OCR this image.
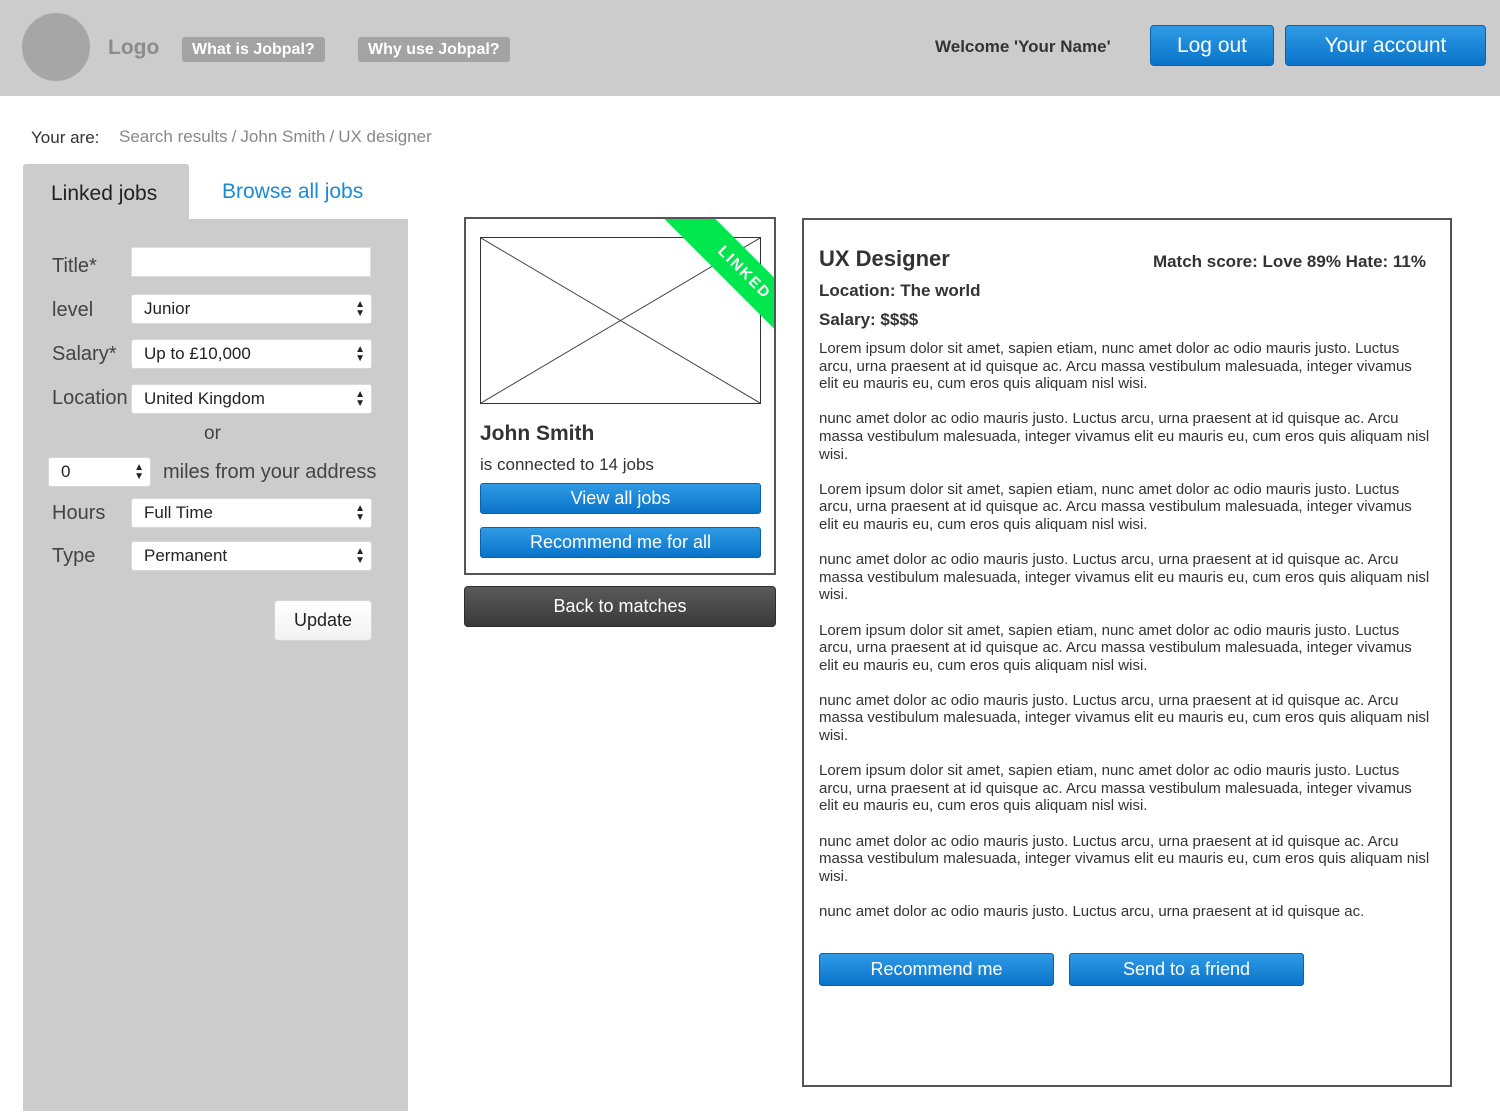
Logo	What is Jobpal?	Why use Jobpal?	Welcome 'Your Name'	Log out	Your account
Your are: Search results / John Smith / UX designer
Linked jobs	Browse all jobs
Title*
level	Junior	▲
▼
Salary*	Up to £10,000	▲
▼
Location United Kingdom	▲
▼
or
0	▲
▼ miles from your address
Hours	Full Time	▲
▼
Type	Permanent	▲
▼
Update
LINKED
John Smith
is connected to 14 jobs
View all jobs
Recommend me for all
Back to matches
UX Designer	Match score: Love 89% Hate: 11%
Location: The world
Salary: $$$$

Lorem ipsum dolor sit amet, sapien etiam, nunc amet dolor ac odio mauris justo. Luctus arcu, urna praesent at id quisque ac. Arcu massa vestibulum malesuada, integer vivamus elit eu mauris eu, cum eros quis aliquam nisl wisi.

nunc amet dolor ac odio mauris justo. Luctus arcu, urna praesent at id quisque ac. Arcu massa vestibulum malesuada, integer vivamus elit eu mauris eu, cum eros quis aliquam nisl wisi.

Lorem ipsum dolor sit amet, sapien etiam, nunc amet dolor ac odio mauris justo. Luctus arcu, urna praesent at id quisque ac. Arcu massa vestibulum malesuada, integer vivamus elit eu mauris eu, cum eros quis aliquam nisl wisi.

nunc amet dolor ac odio mauris justo. Luctus arcu, urna praesent at id quisque ac. Arcu massa vestibulum malesuada, integer vivamus elit eu mauris eu, cum eros quis aliquam nisl wisi.

Lorem ipsum dolor sit amet, sapien etiam, nunc amet dolor ac odio mauris justo. Luctus arcu, urna praesent at id quisque ac. Arcu massa vestibulum malesuada, integer vivamus elit eu mauris eu, cum eros quis aliquam nisl wisi.

nunc amet dolor ac odio mauris justo. Luctus arcu, urna praesent at id quisque ac. Arcu massa vestibulum malesuada, integer vivamus elit eu mauris eu, cum eros quis aliquam nisl wisi.

Lorem ipsum dolor sit amet, sapien etiam, nunc amet dolor ac odio mauris justo. Luctus arcu, urna praesent at id quisque ac. Arcu massa vestibulum malesuada, integer vivamus elit eu mauris eu, cum eros quis aliquam nisl wisi.

nunc amet dolor ac odio mauris justo. Luctus arcu, urna praesent at id quisque ac. Arcu massa vestibulum malesuada, integer vivamus elit eu mauris eu, cum eros quis aliquam nisl wisi.

nunc amet dolor ac odio mauris justo. Luctus arcu, urna praesent at id quisque ac.

Recommend me	Send to a friend
